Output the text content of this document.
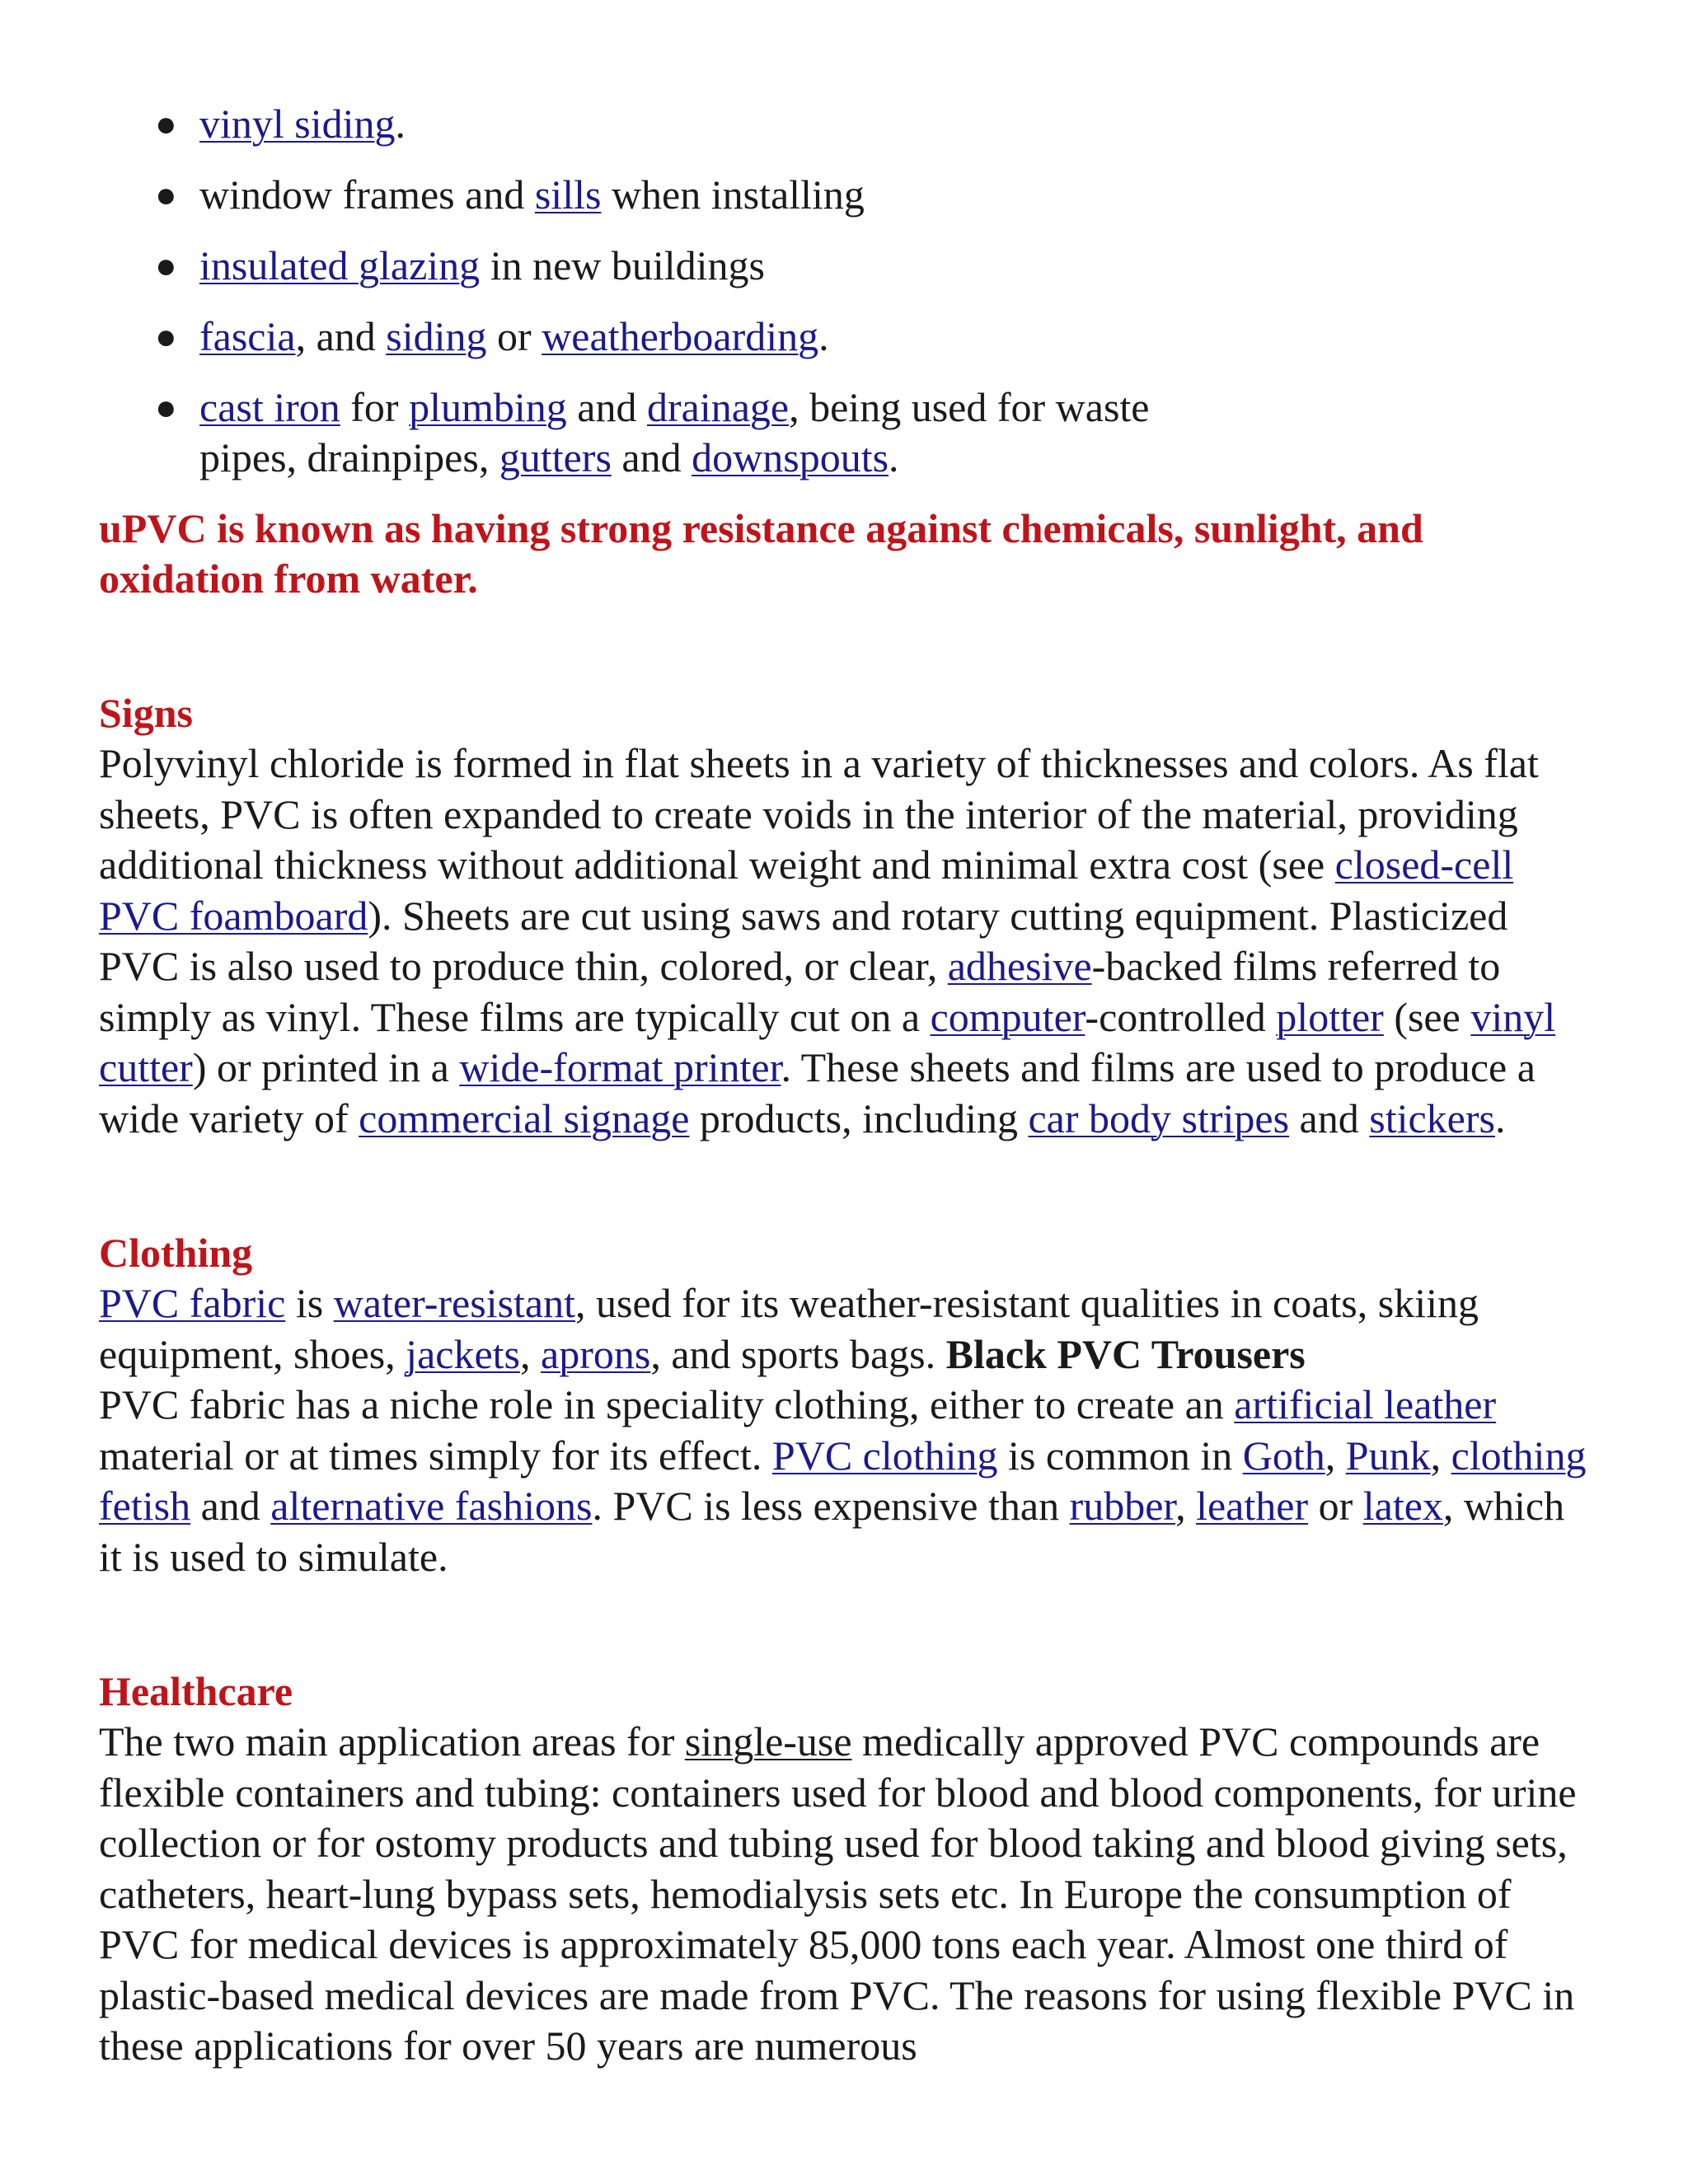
● vinyl siding.
● window frames and sills when installing
● insulated glazing in new buildings
● fascia, and siding or weatherboarding.
● cast iron for plumbing and drainage, being used for waste pipes, drainpipes, gutters and downspouts.

uPVC is known as having strong resistance against chemicals, sunlight, and oxidation from water.

Signs

Polyvinyl chloride is formed in flat sheets in a variety of thicknesses and colors. As flat sheets, PVC is often expanded to create voids in the interior of the material, providing additional thickness without additional weight and minimal extra cost (see closed-cell PVC foamboard). Sheets are cut using saws and rotary cutting equipment. Plasticized PVC is also used to produce thin, colored, or clear, adhesive-backed films referred to simply as vinyl. These films are typically cut on a computer-controlled plotter (see vinyl cutter) or printed in a wide-format printer. These sheets and films are used to produce a wide variety of commercial signage products, including car body stripes and stickers.

Clothing

PVC fabric is water-resistant, used for its weather-resistant qualities in coats, skiing equipment, shoes, jackets, aprons, and sports bags. Black PVC Trousers
PVC fabric has a niche role in speciality clothing, either to create an artificial leather material or at times simply for its effect. PVC clothing is common in Goth, Punk, clothing fetish and alternative fashions. PVC is less expensive than rubber, leather or latex, which it is used to simulate.

Healthcare

The two main application areas for single-use medically approved PVC compounds are flexible containers and tubing: containers used for blood and blood components, for urine collection or for ostomy products and tubing used for blood taking and blood giving sets, catheters, heart-lung bypass sets, hemodialysis sets etc. In Europe the consumption of PVC for medical devices is approximately 85,000 tons each year. Almost one third of plastic-based medical devices are made from PVC. The reasons for using flexible PVC in these applications for over 50 years are numerous
